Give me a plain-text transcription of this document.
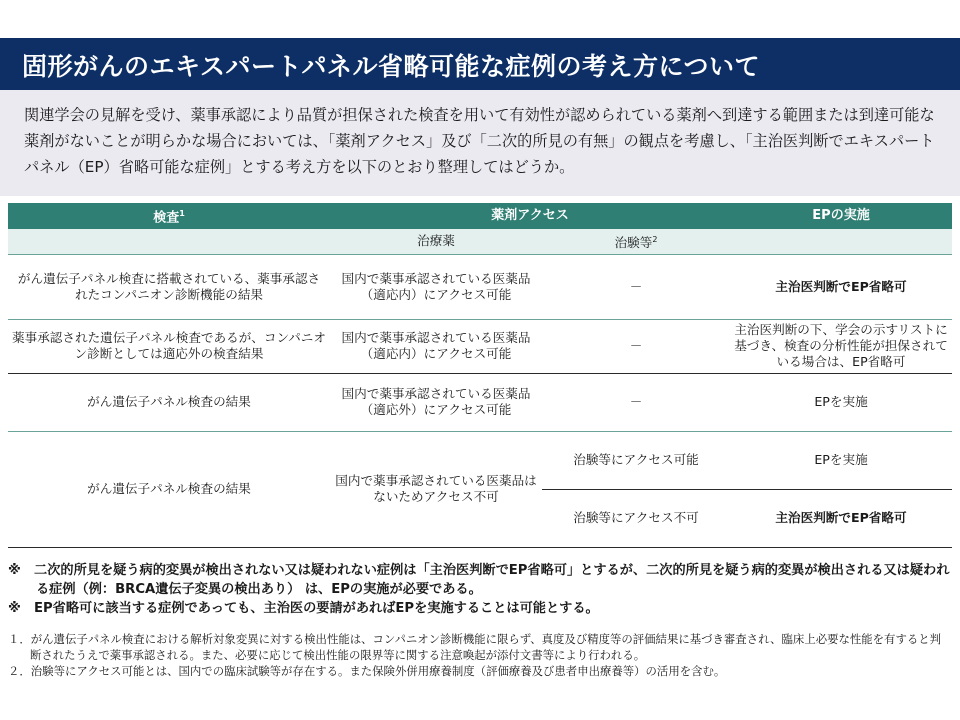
固形がんのエキスパートパネル省略可能な症例の考え方について

関連学会の見解を受け、薬事承認により品質が担保された検査を用いて有効性が認められている薬剤へ到達する範囲または到達可能な薬剤がないことが明らかな場合においては、「薬剤アクセス」及び「二次的所見の有無」の観点を考慮し、「主治医判断でエキスパートパネル（EP）省略可能な症例」とする考え方を以下のとおり整理してはどうか。

検査$^1$	薬剤アクセス		EPの実施
	治療薬	治験等$^2$	
がん遺伝子パネル検査に搭載されている、薬事承認されたコンパニオン診断機能の結果	国内で薬事承認されている医薬品（適応内）にアクセス可能	－	主治医判断でEP省略可
薬事承認された遺伝子パネル検査であるが、コンパニオン診断としては適応外の検査結果	国内で薬事承認されている医薬品（適応内）にアクセス可能	－	主治医判断の下、学会の示すリストに基づき、検査の分析性能が担保されている場合は、EP省略可
がん遺伝子パネル検査の結果	国内で薬事承認されている医薬品（適応外）にアクセス可能	－	EPを実施
がん遺伝子パネル検査の結果	国内で薬事承認されている医薬品はないためアクセス不可	治験等にアクセス可能	EPを実施
		治験等にアクセス不可	主治医判断でEP省略可
※　二次的所見を疑う病的変異が検出されない又は疑われない症例は「主治医判断でEP省略可」とするが、二次的所見を疑う病的変異が検出される又は疑われる症例（例：BRCA遺伝子変異の検出あり） は、EPの実施が必要である。
※　EP省略可に該当する症例であっても、主治医の要請があればEPを実施することは可能とする。
１．がん遺伝子パネル検査における解析対象変異に対する検出性能は、コンパニオン診断機能に限らず、真度及び精度等の評価結果に基づき審査され、臨床上必要な性能を有すると判断されたうえで薬事承認される。また、必要に応じて検出性能の限界等に関する注意喚起が添付文書等により行われる。
２．治験等にアクセス可能とは、国内での臨床試験等が存在する。また保険外併用療養制度（評価療養及び患者申出療養等）の活用を含む。
